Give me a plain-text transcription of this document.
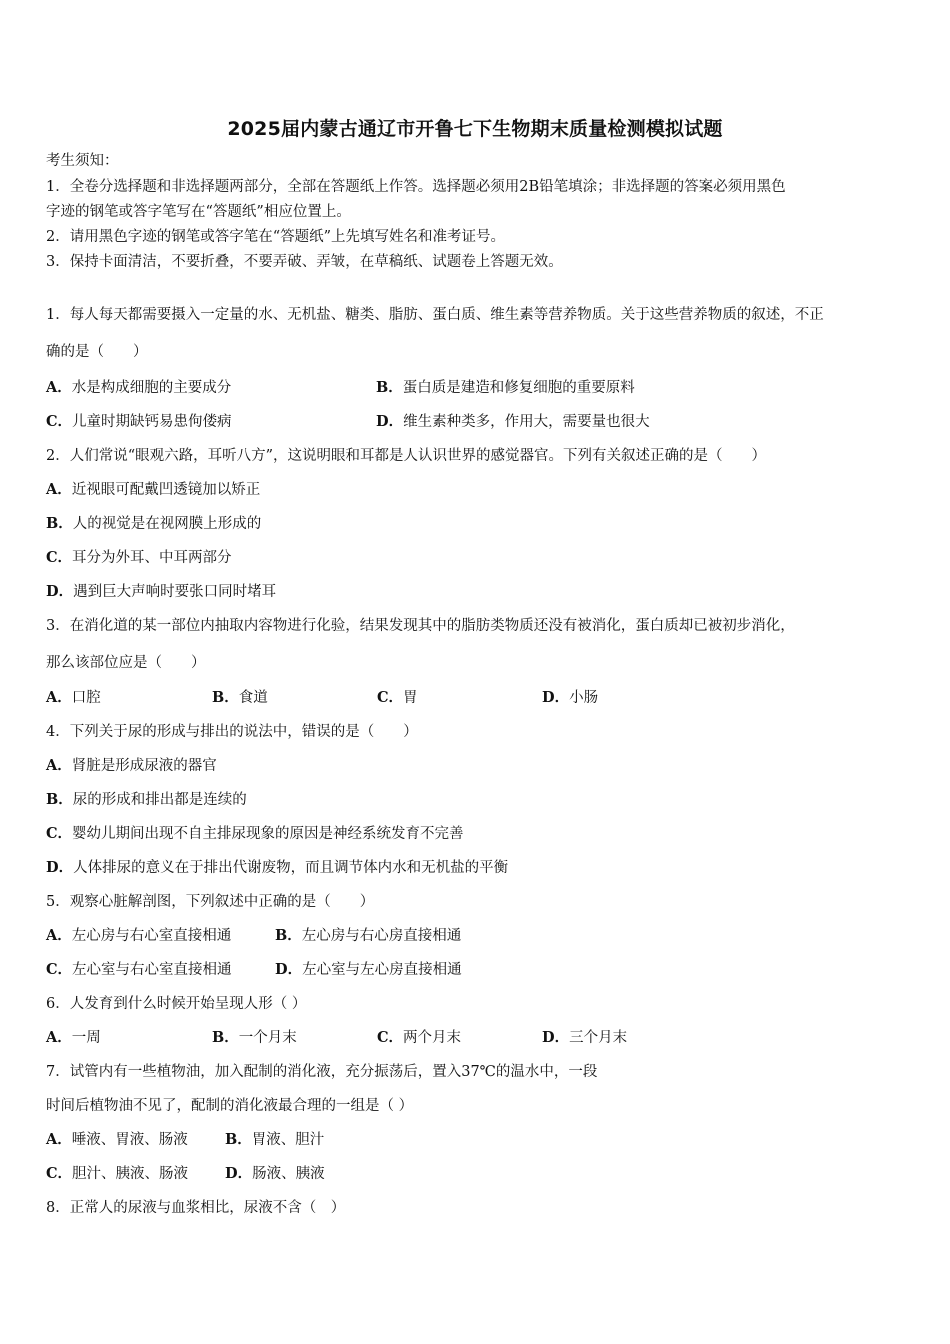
2025届内蒙古通辽市开鲁七下生物期末质量检测模拟试题
考生须知：
1．全卷分选择题和非选择题两部分，全部在答题纸上作答。选择题必须用2B铅笔填涂；非选择题的答案必须用黑色
字迹的钢笔或答字笔写在“答题纸”相应位置上。
2．请用黑色字迹的钢笔或答字笔在“答题纸”上先填写姓名和准考证号。
3．保持卡面清洁，不要折叠，不要弄破、弄皱，在草稿纸、试题卷上答题无效。
1．每人每天都需要摄入一定量的水、无机盐、糖类、脂肪、蛋白质、维生素等营养物质。关于这些营养物质的叙述，不正
确的是（　　）
A．水是构成细胞的主要成分	B．蛋白质是建造和修复细胞的重要原料
C．儿童时期缺钙易患佝偻病	D．维生素种类多，作用大，需要量也很大
2．人们常说“眼观六路，耳听八方”，这说明眼和耳都是人认识世界的感觉器官。下列有关叙述正确的是（　　）
A．近视眼可配戴凹透镜加以矫正
B．人的视觉是在视网膜上形成的
C．耳分为外耳、中耳两部分
D．遇到巨大声响时要张口同时堵耳
3．在消化道的某一部位内抽取内容物进行化验，结果发现其中的脂肪类物质还没有被消化，蛋白质却已被初步消化，
那么该部位应是（　　）
A．口腔	B．食道	C．胃	D．小肠
4．下列关于尿的形成与排出的说法中，错误的是（　　）
A．肾脏是形成尿液的器官
B．尿的形成和排出都是连续的
C．婴幼儿期间出现不自主排尿现象的原因是神经系统发育不完善
D．人体排尿的意义在于排出代谢废物，而且调节体内水和无机盐的平衡
5．观察心脏解剖图，下列叙述中正确的是（　　）
A．左心房与右心室直接相通	B．左心房与右心房直接相通
C．左心室与右心室直接相通	D．左心室与左心房直接相通
6．人发育到什么时候开始呈现人形（ ）
A．一周	B．一个月末	C．两个月末	D．三个月末
7．试管内有一些植物油，加入配制的消化液，充分振荡后，置入37℃的温水中，一段
时间后植物油不见了，配制的消化液最合理的一组是（ ）
A．唾液、胃液、肠液	B．胃液、胆汁
C．胆汁、胰液、肠液	D．肠液、胰液
8．正常人的尿液与血浆相比，尿液不含（　）
